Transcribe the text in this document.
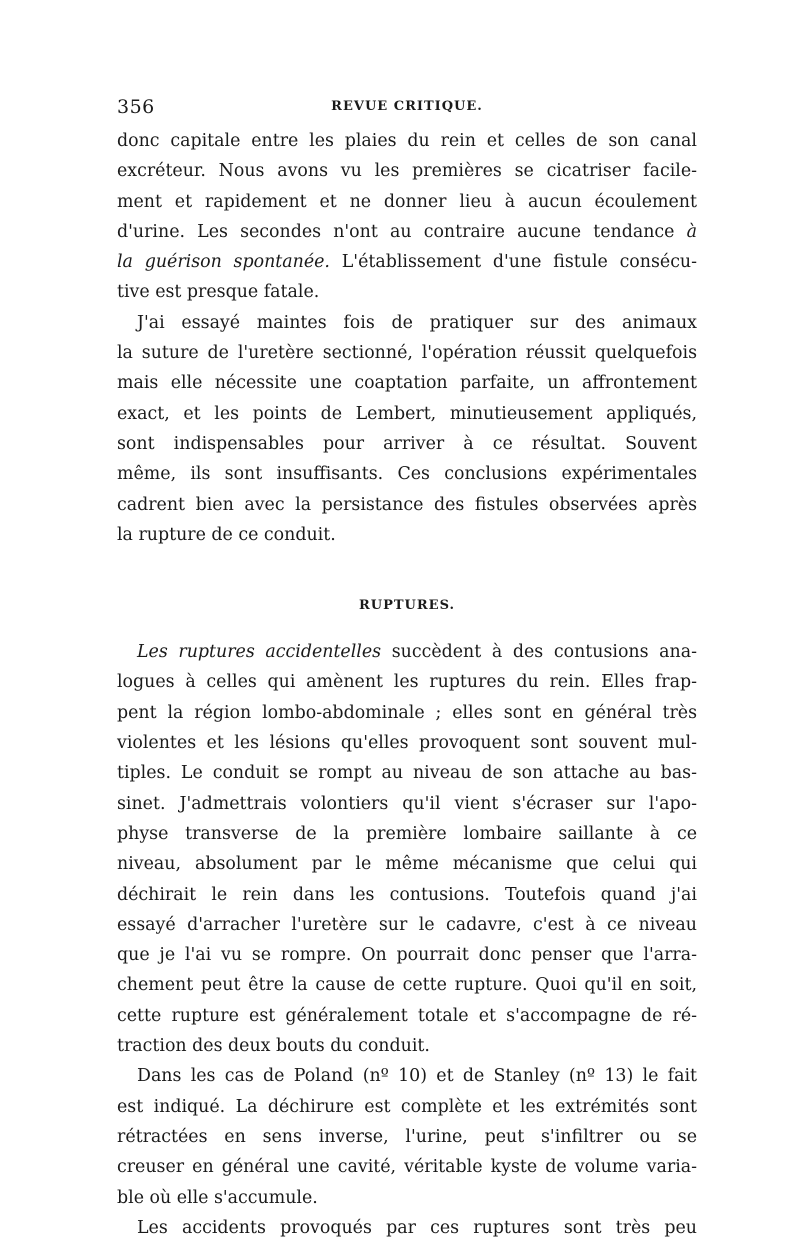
356	REVUE CRITIQUE.
donc capitale entre les plaies du rein et celles de son canal
excréteur. Nous avons vu les premières se cicatriser facile-
ment et rapidement et ne donner lieu à aucun écoulement
d'urine. Les secondes n'ont au contraire aucune tendance à
la guérison spontanée. L'établissement d'une fistule consécu-
tive est presque fatale.
J'ai essayé maintes fois de pratiquer sur des animaux
la suture de l'uretère sectionné, l'opération réussit quelquefois
mais elle nécessite une coaptation parfaite, un affrontement
exact, et les points de Lembert, minutieusement appliqués,
sont indispensables pour arriver à ce résultat. Souvent
même, ils sont insuffisants. Ces conclusions expérimentales
cadrent bien avec la persistance des fistules observées après
la rupture de ce conduit.
RUPTURES.
Les ruptures accidentelles succèdent à des contusions ana-
logues à celles qui amènent les ruptures du rein. Elles frap-
pent la région lombo-abdominale ; elles sont en général très
violentes et les lésions qu'elles provoquent sont souvent mul-
tiples. Le conduit se rompt au niveau de son attache au bas-
sinet. J'admettrais volontiers qu'il vient s'écraser sur l'apo-
physe transverse de la première lombaire saillante à ce
niveau, absolument par le même mécanisme que celui qui
déchirait le rein dans les contusions. Toutefois quand j'ai
essayé d'arracher l'uretère sur le cadavre, c'est à ce niveau
que je l'ai vu se rompre. On pourrait donc penser que l'arra-
chement peut être la cause de cette rupture. Quoi qu'il en soit,
cette rupture est généralement totale et s'accompagne de ré-
traction des deux bouts du conduit.
Dans les cas de Poland (nº 10) et de Stanley (nº 13) le fait
est indiqué. La déchirure est complète et les extrémités sont
rétractées en sens inverse, l'urine, peut s'infiltrer ou se
creuser en général une cavité, véritable kyste de volume varia-
ble où elle s'accumule.
Les accidents provoqués par ces ruptures sont très peu
